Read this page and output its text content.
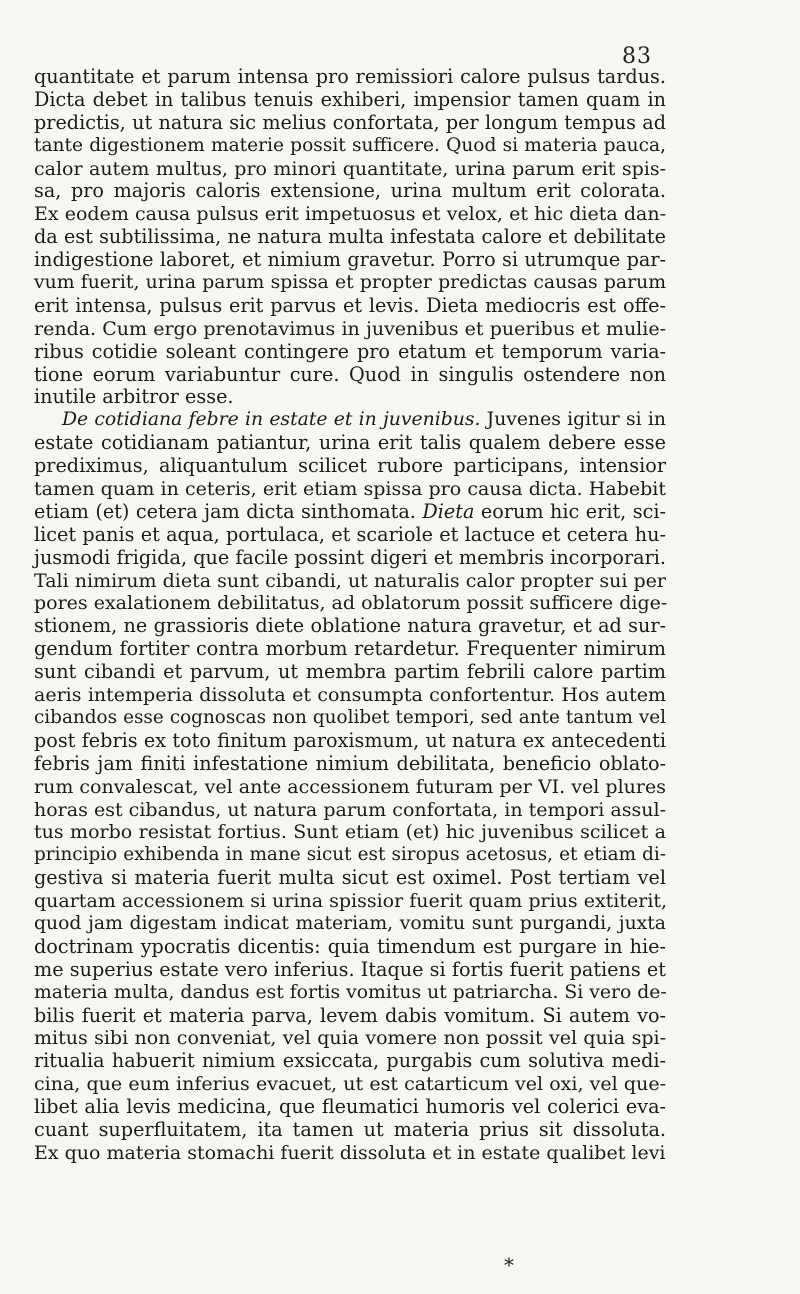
83
quantitate et parum intensa pro remissiori calore pulsus tardus.
Dicta debet in talibus tenuis exhiberi, impensior tamen quam in
predictis, ut natura sic melius confortata, per longum tempus ad
tante digestionem materie possit sufficere. Quod si materia pauca,
calor autem multus, pro minori quantitate, urina parum erit spis-
sa, pro majoris caloris extensione, urina multum erit colorata.
Ex eodem causa pulsus erit impetuosus et velox, et hic dieta dan-
da est subtilissima, ne natura multa infestata calore et debilitate
indigestione laboret, et nimium gravetur. Porro si utrumque par-
vum fuerit, urina parum spissa et propter predictas causas parum
erit intensa, pulsus erit parvus et levis. Dieta mediocris est offe-
renda. Cum ergo prenotavimus in juvenibus et pueribus et mulie-
ribus cotidie soleant contingere pro etatum et temporum varia-
tione eorum variabuntur cure. Quod in singulis ostendere non
inutile arbitror esse.
De cotidiana febre in estate et in juvenibus. Juvenes igitur si in
estate cotidianam patiantur, urina erit talis qualem debere esse
prediximus, aliquantulum scilicet rubore participans, intensior
tamen quam in ceteris, erit etiam spissa pro causa dicta. Habebit
etiam (et) cetera jam dicta sinthomata. Dieta eorum hic erit, sci-
licet panis et aqua, portulaca, et scariole et lactuce et cetera hu-
jusmodi frigida, que facile possint digeri et membris incorporari.
Tali nimirum dieta sunt cibandi, ut naturalis calor propter sui per
pores exalationem debilitatus, ad oblatorum possit sufficere dige-
stionem, ne grassioris diete oblatione natura gravetur, et ad sur-
gendum fortiter contra morbum retardetur. Frequenter nimirum
sunt cibandi et parvum, ut membra partim febrili calore partim
aeris intemperia dissoluta et consumpta confortentur. Hos autem
cibandos esse cognoscas non quolibet tempori, sed ante tantum vel
post febris ex toto finitum paroxismum, ut natura ex antecedenti
febris jam finiti infestatione nimium debilitata, beneficio oblato-
rum convalescat, vel ante accessionem futuram per VI. vel plures
horas est cibandus, ut natura parum confortata, in tempori assul-
tus morbo resistat fortius. Sunt etiam (et) hic juvenibus scilicet a
principio exhibenda in mane sicut est siropus acetosus, et etiam di-
gestiva si materia fuerit multa sicut est oximel. Post tertiam vel
quartam accessionem si urina spissior fuerit quam prius extiterit,
quod jam digestam indicat materiam, vomitu sunt purgandi, juxta
doctrinam ypocratis dicentis: quia timendum est purgare in hie-
me superius estate vero inferius. Itaque si fortis fuerit patiens et
materia multa, dandus est fortis vomitus ut patriarcha. Si vero de-
bilis fuerit et materia parva, levem dabis vomitum. Si autem vo-
mitus sibi non conveniat, vel quia vomere non possit vel quia spi-
ritualia habuerit nimium exsiccata, purgabis cum solutiva medi-
cina, que eum inferius evacuet, ut est catarticum vel oxi, vel que-
libet alia levis medicina, que fleumatici humoris vel colerici eva-
cuant superfluitatem, ita tamen ut materia prius sit dissoluta.
Ex quo materia stomachi fuerit dissoluta et in estate qualibet levi
*
